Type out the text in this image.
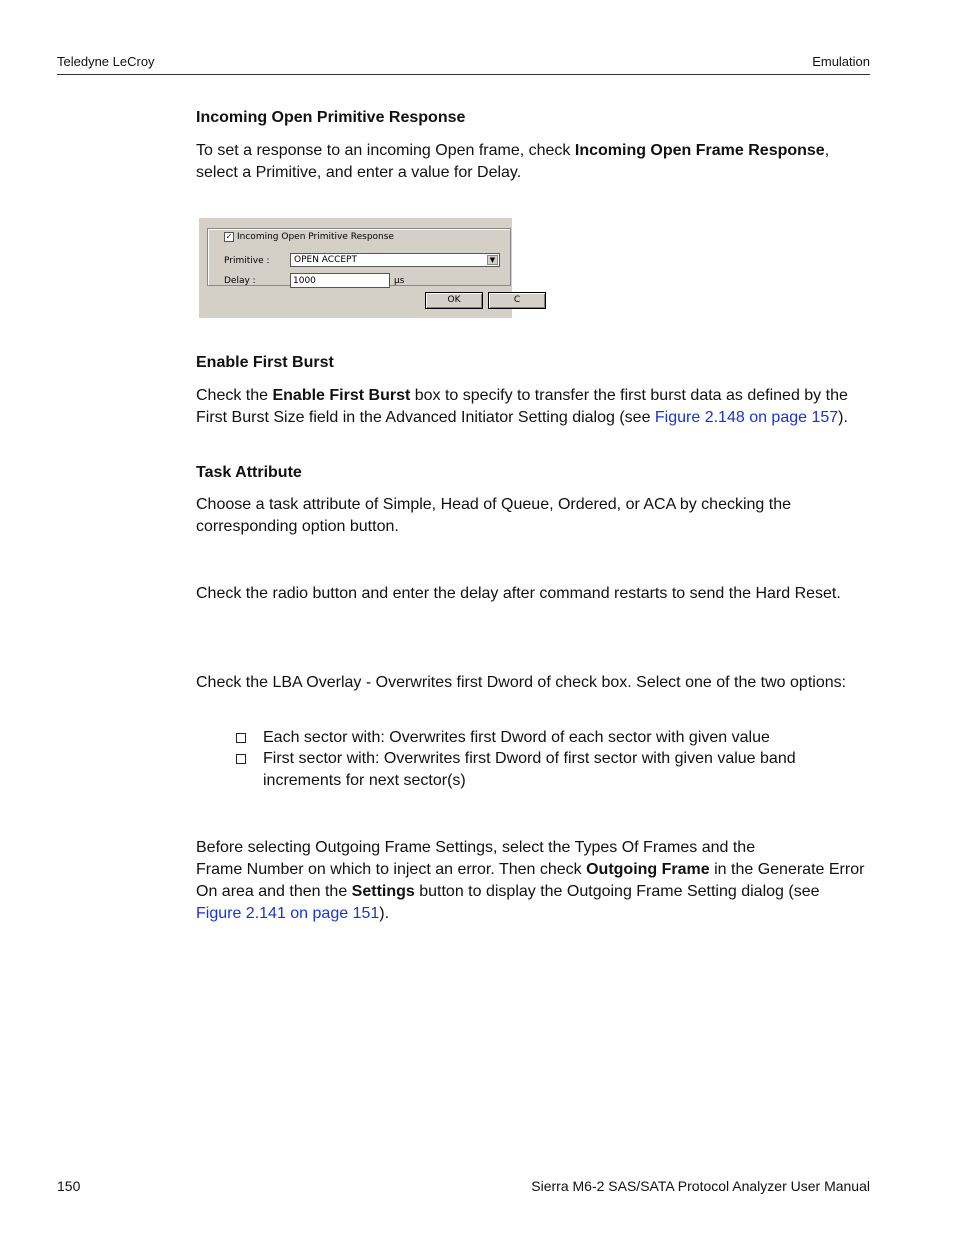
Teledyne LeCroy	Emulation
Incoming Open Primitive Response
To set a response to an incoming Open frame, check Incoming Open Frame Response, select a Primitive, and enter a value for Delay.
✓ Incoming Open Primitive Response
Primitive :	OPEN ACCEPT	▼
Delay :	1000	µs
OK	C
Enable First Burst
Check the Enable First Burst box to specify to transfer the first burst data as defined by the First Burst Size field in the Advanced Initiator Setting dialog (see Figure 2.148 on page 157).
Task Attribute
Choose a task attribute of Simple, Head of Queue, Ordered, or ACA by checking the corresponding option button.
Check the radio button and enter the delay after command restarts to send the Hard Reset.
Check the LBA Overlay - Overwrites first Dword of check box. Select one of the two options:
Each sector with: Overwrites first Dword of each sector with given value
First sector with: Overwrites first Dword of first sector with given value band increments for next sector(s)
Before selecting Outgoing Frame Settings, select the Types Of Frames and the
Frame Number on which to inject an error. Then check Outgoing Frame in the Generate Error On area and then the Settings button to display the Outgoing Frame Setting dialog (see Figure 2.141 on page 151).
150	Sierra M6-2 SAS/SATA Protocol Analyzer User Manual
